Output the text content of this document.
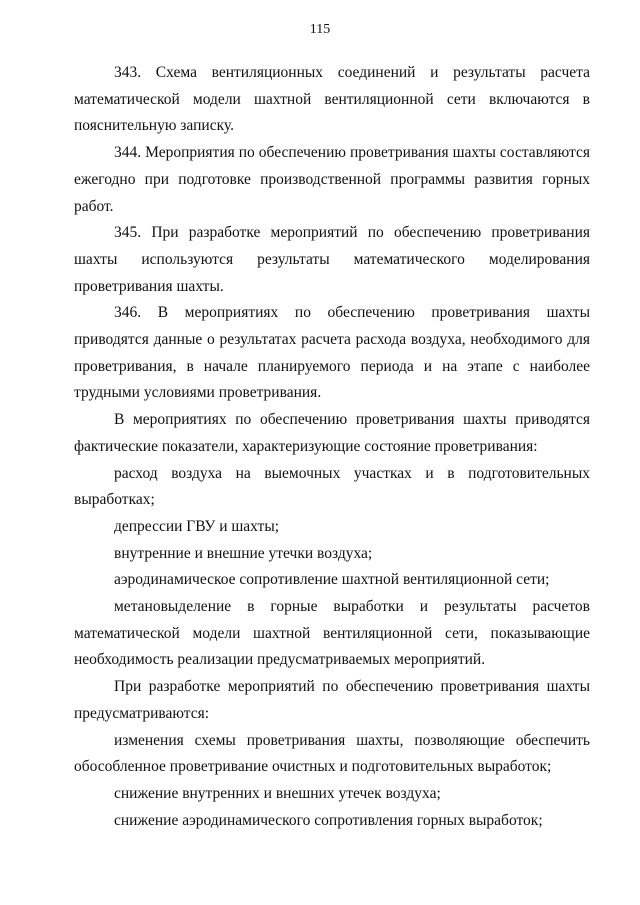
115

343. Схема вентиляционных соединений и результаты расчета математической модели шахтной вентиляционной сети включаются в пояснительную записку.

344. Мероприятия по обеспечению проветривания шахты составляются ежегодно при подготовке производственной программы развития горных работ.

345. При разработке мероприятий по обеспечению проветривания шахты используются результаты математического моделирования проветривания шахты.

346. В мероприятиях по обеспечению проветривания шахты приводятся данные о результатах расчета расхода воздуха, необходимого для проветривания, в начале планируемого периода и на этапе с наиболее трудными условиями проветривания.

В мероприятиях по обеспечению проветривания шахты приводятся фактические показатели, характеризующие состояние проветривания:

расход воздуха на выемочных участках и в подготовительных выработках;

депрессии ГВУ и шахты;

внутренние и внешние утечки воздуха;

аэродинамическое сопротивление шахтной вентиляционной сети;

метановыделение в горные выработки и результаты расчетов математической модели шахтной вентиляционной сети, показывающие необходимость реализации предусматриваемых мероприятий.

При разработке мероприятий по обеспечению проветривания шахты предусматриваются:

изменения схемы проветривания шахты, позволяющие обеспечить обособленное проветривание очистных и подготовительных выработок;

снижение внутренних и внешних утечек воздуха;

снижение аэродинамического сопротивления горных выработок;
